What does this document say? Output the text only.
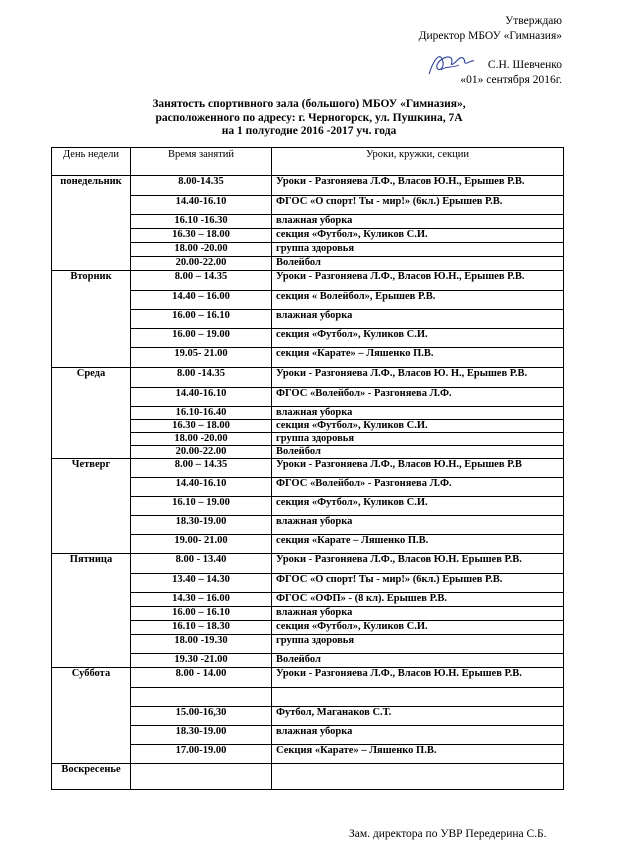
Утверждаю
Директор МБОУ «Гимназия»
С.Н. Шевченко
«01» сентября 2016г.
Занятость спортивного зала (большого) МБОУ «Гимназия»,
расположенного по адресу: г. Черногорск, ул. Пушкина, 7А
на 1 полугодие 2016 -2017 уч. года
День недели	Время занятий	Уроки, кружки, секции
понедельник	8.00-14.35	Уроки - Разгоняева Л.Ф., Власов Ю.Н., Ерышев Р.В.
	14.40-16.10	ФГОС «О спорт! Ты - мир!» (6кл.) Ерышев Р.В.
	16.10 -16.30	влажная уборка
	16.30 – 18.00	секция «Футбол», Куликов С.И.
	18.00 -20.00	группа здоровья
	20.00-22.00	Волейбол
Вторник	8.00 – 14.35	Уроки - Разгоняева Л.Ф., Власов Ю.Н., Ерышев Р.В.
	14.40 – 16.00	секция « Волейбол», Ерышев Р.В.
	16.00 – 16.10	влажная уборка
	16.00 – 19.00	секция «Футбол», Куликов С.И.
	19.05- 21.00	секция «Карате» – Ляшенко П.В.
Среда	8.00 -14.35	Уроки - Разгоняева Л.Ф., Власов Ю. Н., Ерышев Р.В.
	14.40-16.10	ФГОС «Волейбол» - Разгоняева Л.Ф.
	16.10-16.40	влажная уборка
	16.30 – 18.00	секция «Футбол», Куликов С.И.
	18.00 -20.00	группа здоровья
	20.00-22.00	Волейбол
Четверг	8.00 – 14.35	Уроки - Разгоняева Л.Ф., Власов Ю.Н., Ерышев Р.В
	14.40-16.10	ФГОС «Волейбол» - Разгоняева Л.Ф.
	16.10 – 19.00	секция «Футбол», Куликов С.И.
	18.30-19.00	влажная уборка
	19.00- 21.00	секция «Карате – Ляшенко П.В.
Пятница	8.00 - 13.40	Уроки - Разгоняева Л.Ф., Власов Ю.Н. Ерышев Р.В.
	13.40 – 14.30	ФГОС «О спорт! Ты - мир!» (6кл.) Ерышев Р.В.
	14.30 – 16.00	ФГОС «ОФП» - (8 кл). Ерышев Р.В.
	16.00 – 16.10	влажная уборка
	16.10 – 18.30	секция «Футбол», Куликов С.И.
	18.00 -19.30	группа здоровья
	19.30 -21.00	Волейбол
Суббота	8.00 - 14.00	Уроки - Разгоняева Л.Ф., Власов Ю.Н. Ерышев Р.В.

	15.00-16,30	Футбол, Маганаков С.Т.
	18.30-19.00	влажная уборка
	17.00-19.00	Секция «Карате» – Ляшенко П.В.
Воскресенье		
Зам. директора по УВР Передерина С.Б.
